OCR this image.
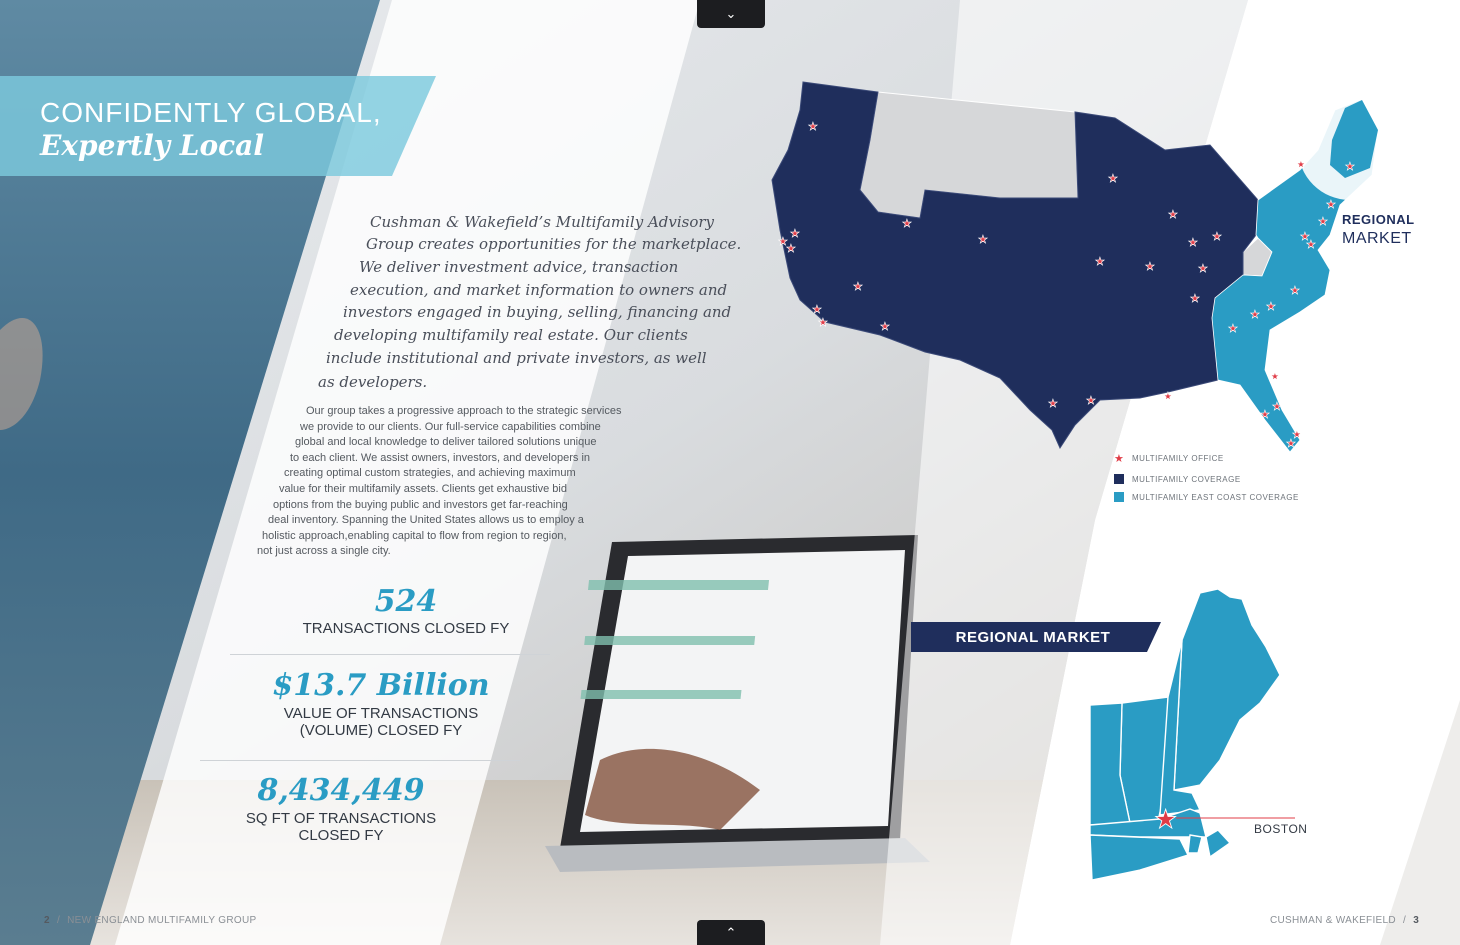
⌄
⌃
CONFIDENTLY GLOBAL,
Expertly Local
Cushman & Wakefield’s Multifamily Advisory
Group creates opportunities for the marketplace.
We deliver investment advice, transaction
execution, and market information to owners and
investors engaged in buying, selling, financing and
developing multifamily real estate. Our clients
include institutional and private investors, as well
as developers.
Our group takes a progressive approach to the strategic services
we provide to our clients. Our full-service capabilities combine
global and local knowledge to deliver tailored solutions unique
to each client. We assist owners, investors, and developers in
creating optimal custom strategies, and achieving maximum
value for their multifamily assets. Clients get exhaustive bid
options from the buying public and investors get far-reaching
deal inventory. Spanning the United States allows us to employ a
holistic approach,enabling capital to flow from region to region,
not just across a single city.
524
TRANSACTIONS CLOSED FY
$13.7 Billion
VALUE OF TRANSACTIONS
(VOLUME) CLOSED FY
8,434,449
SQ FT OF TRANSACTIONS
CLOSED FY
★
★
★
★
★
★
★
★
★
★
★
★	★
★
★ ★
★
★
★	★	★
★
★
★
★
★
★
★
★
★
★
★
★
★
★	★
REGIONAL
MARKET
★ MULTIFAMILY OFFICE
MULTIFAMILY COVERAGE
MULTIFAMILY EAST COAST COVERAGE
REGIONAL MARKET
★	BOSTON
2 / NEW ENGLAND MULTIFAMILY GROUP	CUSHMAN & WAKEFIELD / 3
